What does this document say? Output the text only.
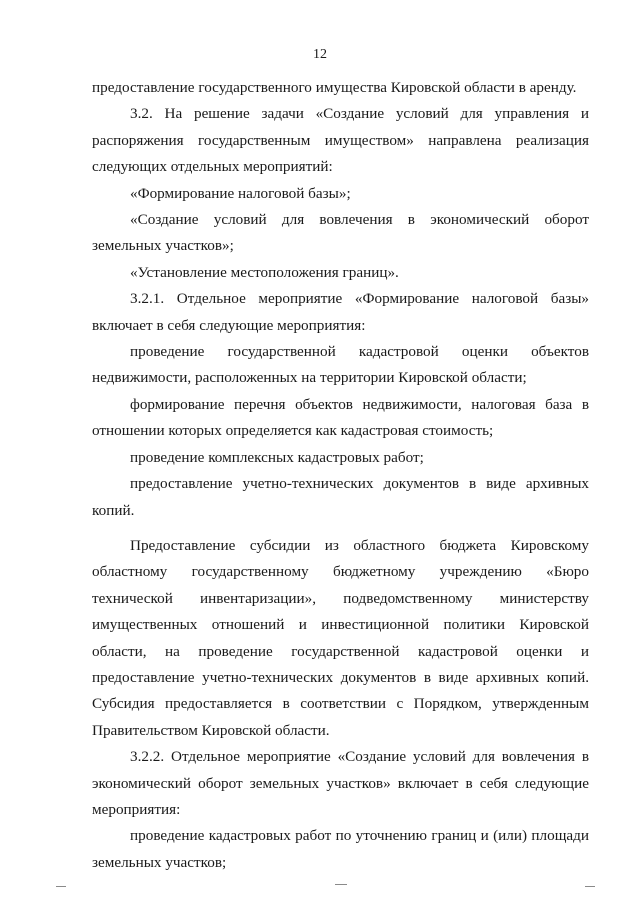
12

предоставление государственного имущества Кировской области в аренду.

3.2. На решение задачи «Создание условий для управления и распоряжения государственным имуществом» направлена реализация следующих отдельных мероприятий:

«Формирование налоговой базы»;

«Создание условий для вовлечения в экономический оборот земельных участков»;

«Установление местоположения границ».

3.2.1. Отдельное мероприятие «Формирование налоговой базы» включает в себя следующие мероприятия:

проведение государственной кадастровой оценки объектов недвижимости, расположенных на территории Кировской области;

формирование перечня объектов недвижимости, налоговая база в отношении которых определяется как кадастровая стоимость;

проведение комплексных кадастровых работ;

предоставление учетно-технических документов в виде архивных копий.

Предоставление субсидии из областного бюджета Кировскому областному государственному бюджетному учреждению «Бюро технической инвентаризации», подведомственному министерству имущественных отношений и инвестиционной политики Кировской области, на проведение государственной кадастровой оценки и предоставление учетно-технических документов в виде архивных копий. Субсидия предоставляется в соответствии с Порядком, утвержденным Правительством Кировской области.

3.2.2. Отдельное мероприятие «Создание условий для вовлечения в экономический оборот земельных участков» включает в себя следующие мероприятия:

проведение кадастровых работ по уточнению границ и (или) площади земельных участков;
